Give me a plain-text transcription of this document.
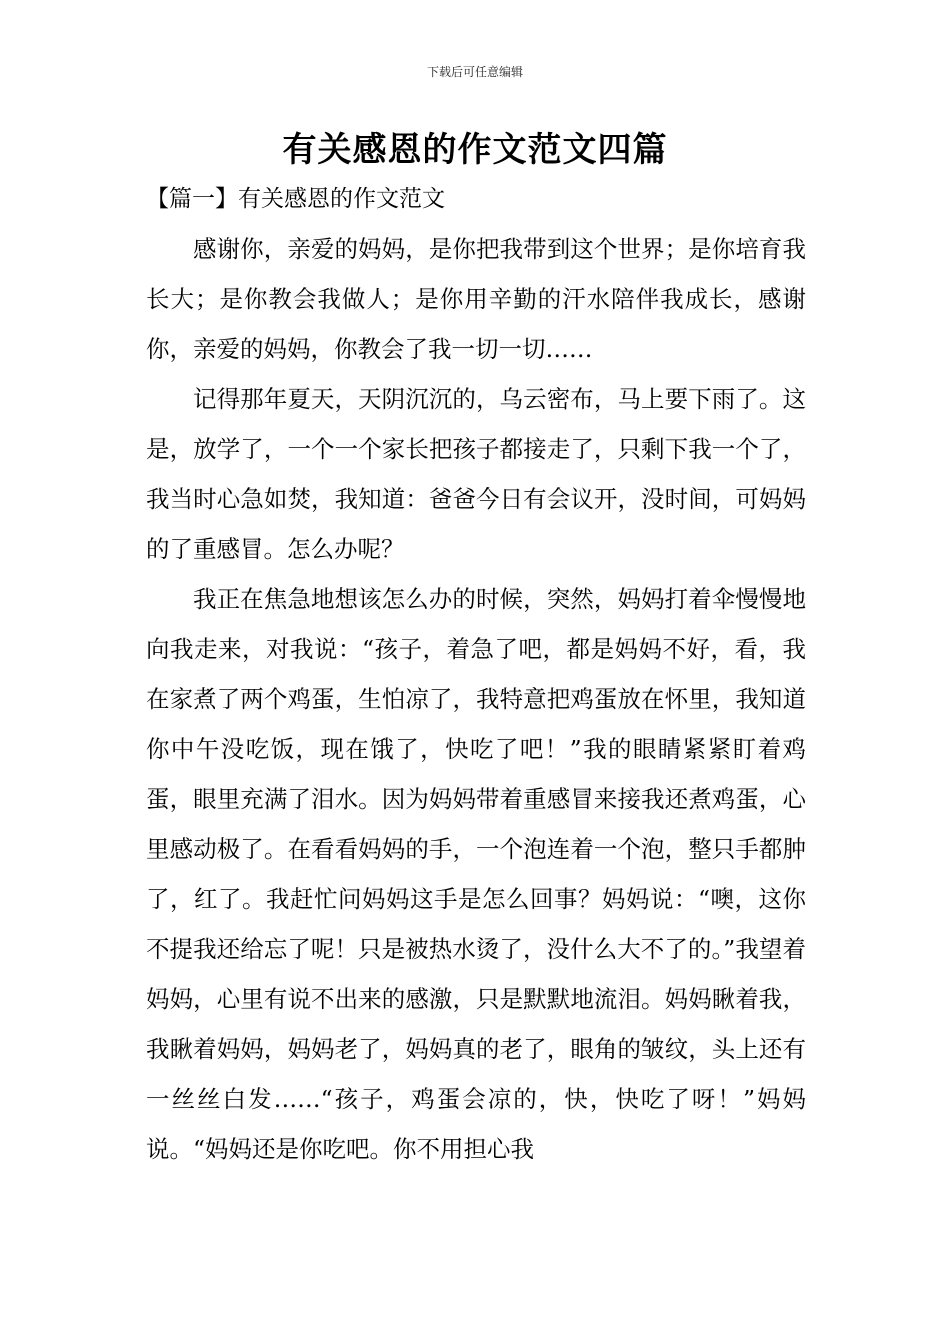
下载后可任意编辑
有关感恩的作文范文四篇
【篇一】有关感恩的作文范文

感谢你，亲爱的妈妈，是你把我带到这个世界；是你培育我长大；是你教会我做人；是你用辛勤的汗水陪伴我成长，感谢你，亲爱的妈妈，你教会了我一切一切……

记得那年夏天，天阴沉沉的，乌云密布，马上要下雨了。这是，放学了，一个一个家长把孩子都接走了，只剩下我一个了，我当时心急如焚，我知道：爸爸今日有会议开，没时间，可妈妈的了重感冒。怎么办呢？

我正在焦急地想该怎么办的时候，突然，妈妈打着伞慢慢地向我走来，对我说：“孩子，着急了吧，都是妈妈不好，看，我在家煮了两个鸡蛋，生怕凉了，我特意把鸡蛋放在怀里，我知道你中午没吃饭，现在饿了，快吃了吧！”我的眼睛紧紧盯着鸡蛋，眼里充满了泪水。因为妈妈带着重感冒来接我还煮鸡蛋，心里感动极了。在看看妈妈的手，一个泡连着一个泡，整只手都肿了，红了。我赶忙问妈妈这手是怎么回事？妈妈说：“噢，这你不提我还给忘了呢！只是被热水烫了，没什么大不了的。”我望着妈妈，心里有说不出来的感激，只是默默地流泪。妈妈瞅着我，我瞅着妈妈，妈妈老了，妈妈真的老了，眼角的皱纹，头上还有一丝丝白发……“孩子，鸡蛋会凉的，快，快吃了呀！”妈妈说。“妈妈还是你吃吧。你不用担心我
